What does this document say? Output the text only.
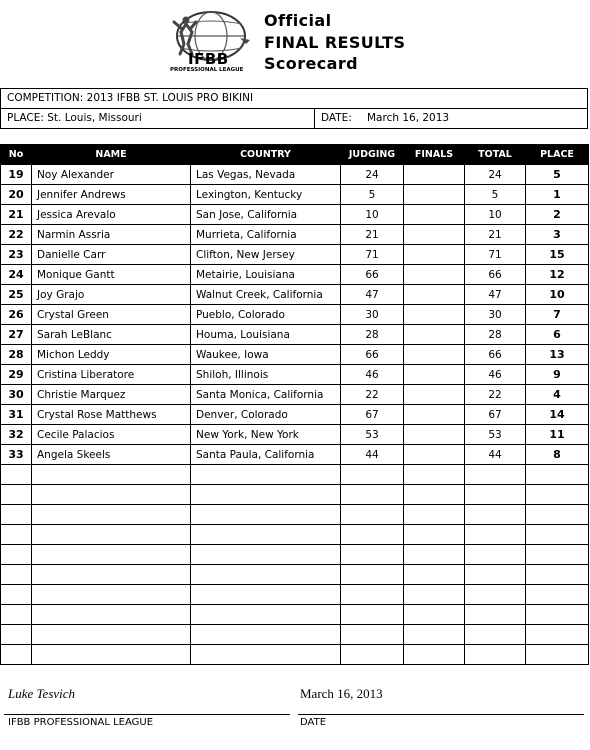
IFBB
PROFESSIONAL LEAGUE
Official
FINAL RESULTS
Scorecard
COMPETITION: 2013 IFBB ST. LOUIS PRO BIKINI
PLACE: St. Louis, Missouri	DATE: March 16, 2013
No	NAME	COUNTRY	JUDGING	FINALS	TOTAL	PLACE
19	Noy Alexander	Las Vegas, Nevada	24		24	5
20	Jennifer Andrews	Lexington, Kentucky	5		5	1
21	Jessica Arevalo	San Jose, California	10		10	2
22	Narmin Assria	Murrieta, California	21		21	3
23	Danielle Carr	Clifton, New Jersey	71		71	15
24	Monique Gantt	Metairie, Louisiana	66		66	12
25	Joy Grajo	Walnut Creek, California	47		47	10
26	Crystal Green	Pueblo, Colorado	30		30	7
27	Sarah LeBlanc	Houma, Louisiana	28		28	6
28	Michon Leddy	Waukee, Iowa	66		66	13
29	Cristina Liberatore	Shiloh, Illinois	46		46	9
30	Christie Marquez	Santa Monica, California	22		22	4
31	Crystal Rose Matthews	Denver, Colorado	67		67	14
32	Cecile Palacios	New York, New York	53		53	11
33	Angela Skeels	Santa Paula, California	44		44	8

Luke Tesvich	March 16, 2013
IFBB PROFESSIONAL LEAGUE	DATE
